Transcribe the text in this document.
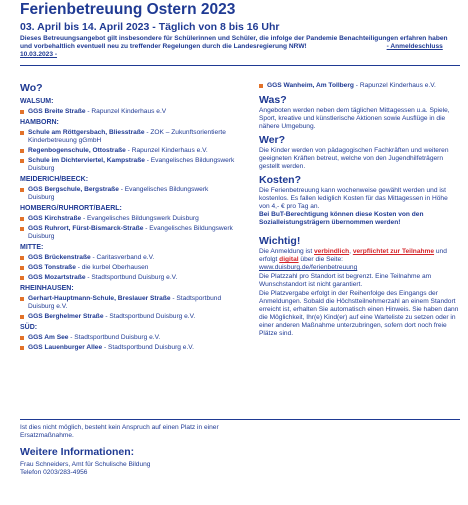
Ferienbetreuung Ostern 2023
03. April bis 14. April 2023 - Täglich von 8 bis 16 Uhr
Dieses Betreuungsangebot gilt insbesondere für Schülerinnen und Schüler, die infolge der Pandemie Benachteiligungen erfahren haben und vorbehaltlich eventuell neu zu treffender Regelungen durch die Landesregierung NRW!	- Anmeldeschluss 10.03.2023 -
Wo?
WALSUM:
GGS Breite Straße - Rapunzel Kinderhaus e.V
HAMBORN:
Schule am Röttgersbach, Bliesstraße - ZOK – Zukunftsorientierte Kinderbetreuung gGmbH
Regenbogenschule, Ottostraße - Rapunzel Kinderhaus e.V.
Schule im Dichterviertel, Kampstraße - Evangelisches Bildungswerk Duisburg
MEIDERICH/BEECK:
GGS Bergschule, Bergstraße - Evangelisches Bildungswerk Duisburg
HOMBERG/RUHRORT/BAERL:
GGS Kirchstraße - Evangelisches Bildungswerk Duisburg
GGS Ruhrort, Fürst-Bismarck-Straße - Evangelisches Bildungswerk Duisburg
MITTE:
GGS Brückenstraße - Caritasverband e.V.
GGS Tonstraße - die kurbel Oberhausen
GGS Mozartstraße - Stadtsportbund Duisburg e.V.
RHEINHAUSEN:
Gerhart-Hauptmann-Schule, Breslauer Straße - Stadtsportbund Duisburg e.V.
GGS Berghelmer Straße - Stadtsportbund Duisburg e.V.
SÜD:
GGS Am See - Stadtsportbund Duisburg e.V.
GGS Lauenburger Allee - Stadtsportbund Duisburg e.V.
GGS Wanheim, Am Tollberg - Rapunzel Kinderhaus e.V.
Was?
Angeboten werden neben dem täglichen Mittagessen u.a. Spiele, Sport, kreative und künstlerische Aktionen sowie Ausflüge in die nähere Umgebung.
Wer?
Die Kinder werden von pädagogischen Fachkräften und weiteren geeigneten Kräften betreut, welche von den Jugendhilfeträgern gestellt werden.
Kosten?
Die Ferienbetreuung kann wochenweise gewählt werden und ist kostenlos. Es fallen lediglich Kosten für das Mittagessen in Höhe von 4,- € pro Tag an.
Bei BuT-Berechtigung können diese Kosten von den Sozialleistungsträgern übernommen werden!
Wichtig!
Die Anmeldung ist verbindlich, verpflichtet zur Teilnahme und erfolgt digital über die Seite:
www.duisburg.de/ferienbetreuung
Die Platzzahl pro Standort ist begrenzt. Eine Teilnahme am Wunschstandort ist nicht garantiert.
Die Platzvergabe erfolgt in der Reihenfolge des Eingangs der Anmeldungen. Sobald die Höchstteilnehmerzahl an einem Standort erreicht ist, erhalten Sie automatisch einen Hinweis. Sie haben dann die Möglichkeit, Ihr(e) Kind(er) auf eine Warteliste zu setzen oder in einer anderen Maßnahme unterzubringen, sofern dort noch freie Plätze sind.
Ist dies nicht möglich, besteht kein Anspruch auf einen Platz in einer Ersatzmaßnahme.
Weitere Informationen:
Frau Schneiders, Amt für Schulische Bildung
Telefon 0203/283-4956
